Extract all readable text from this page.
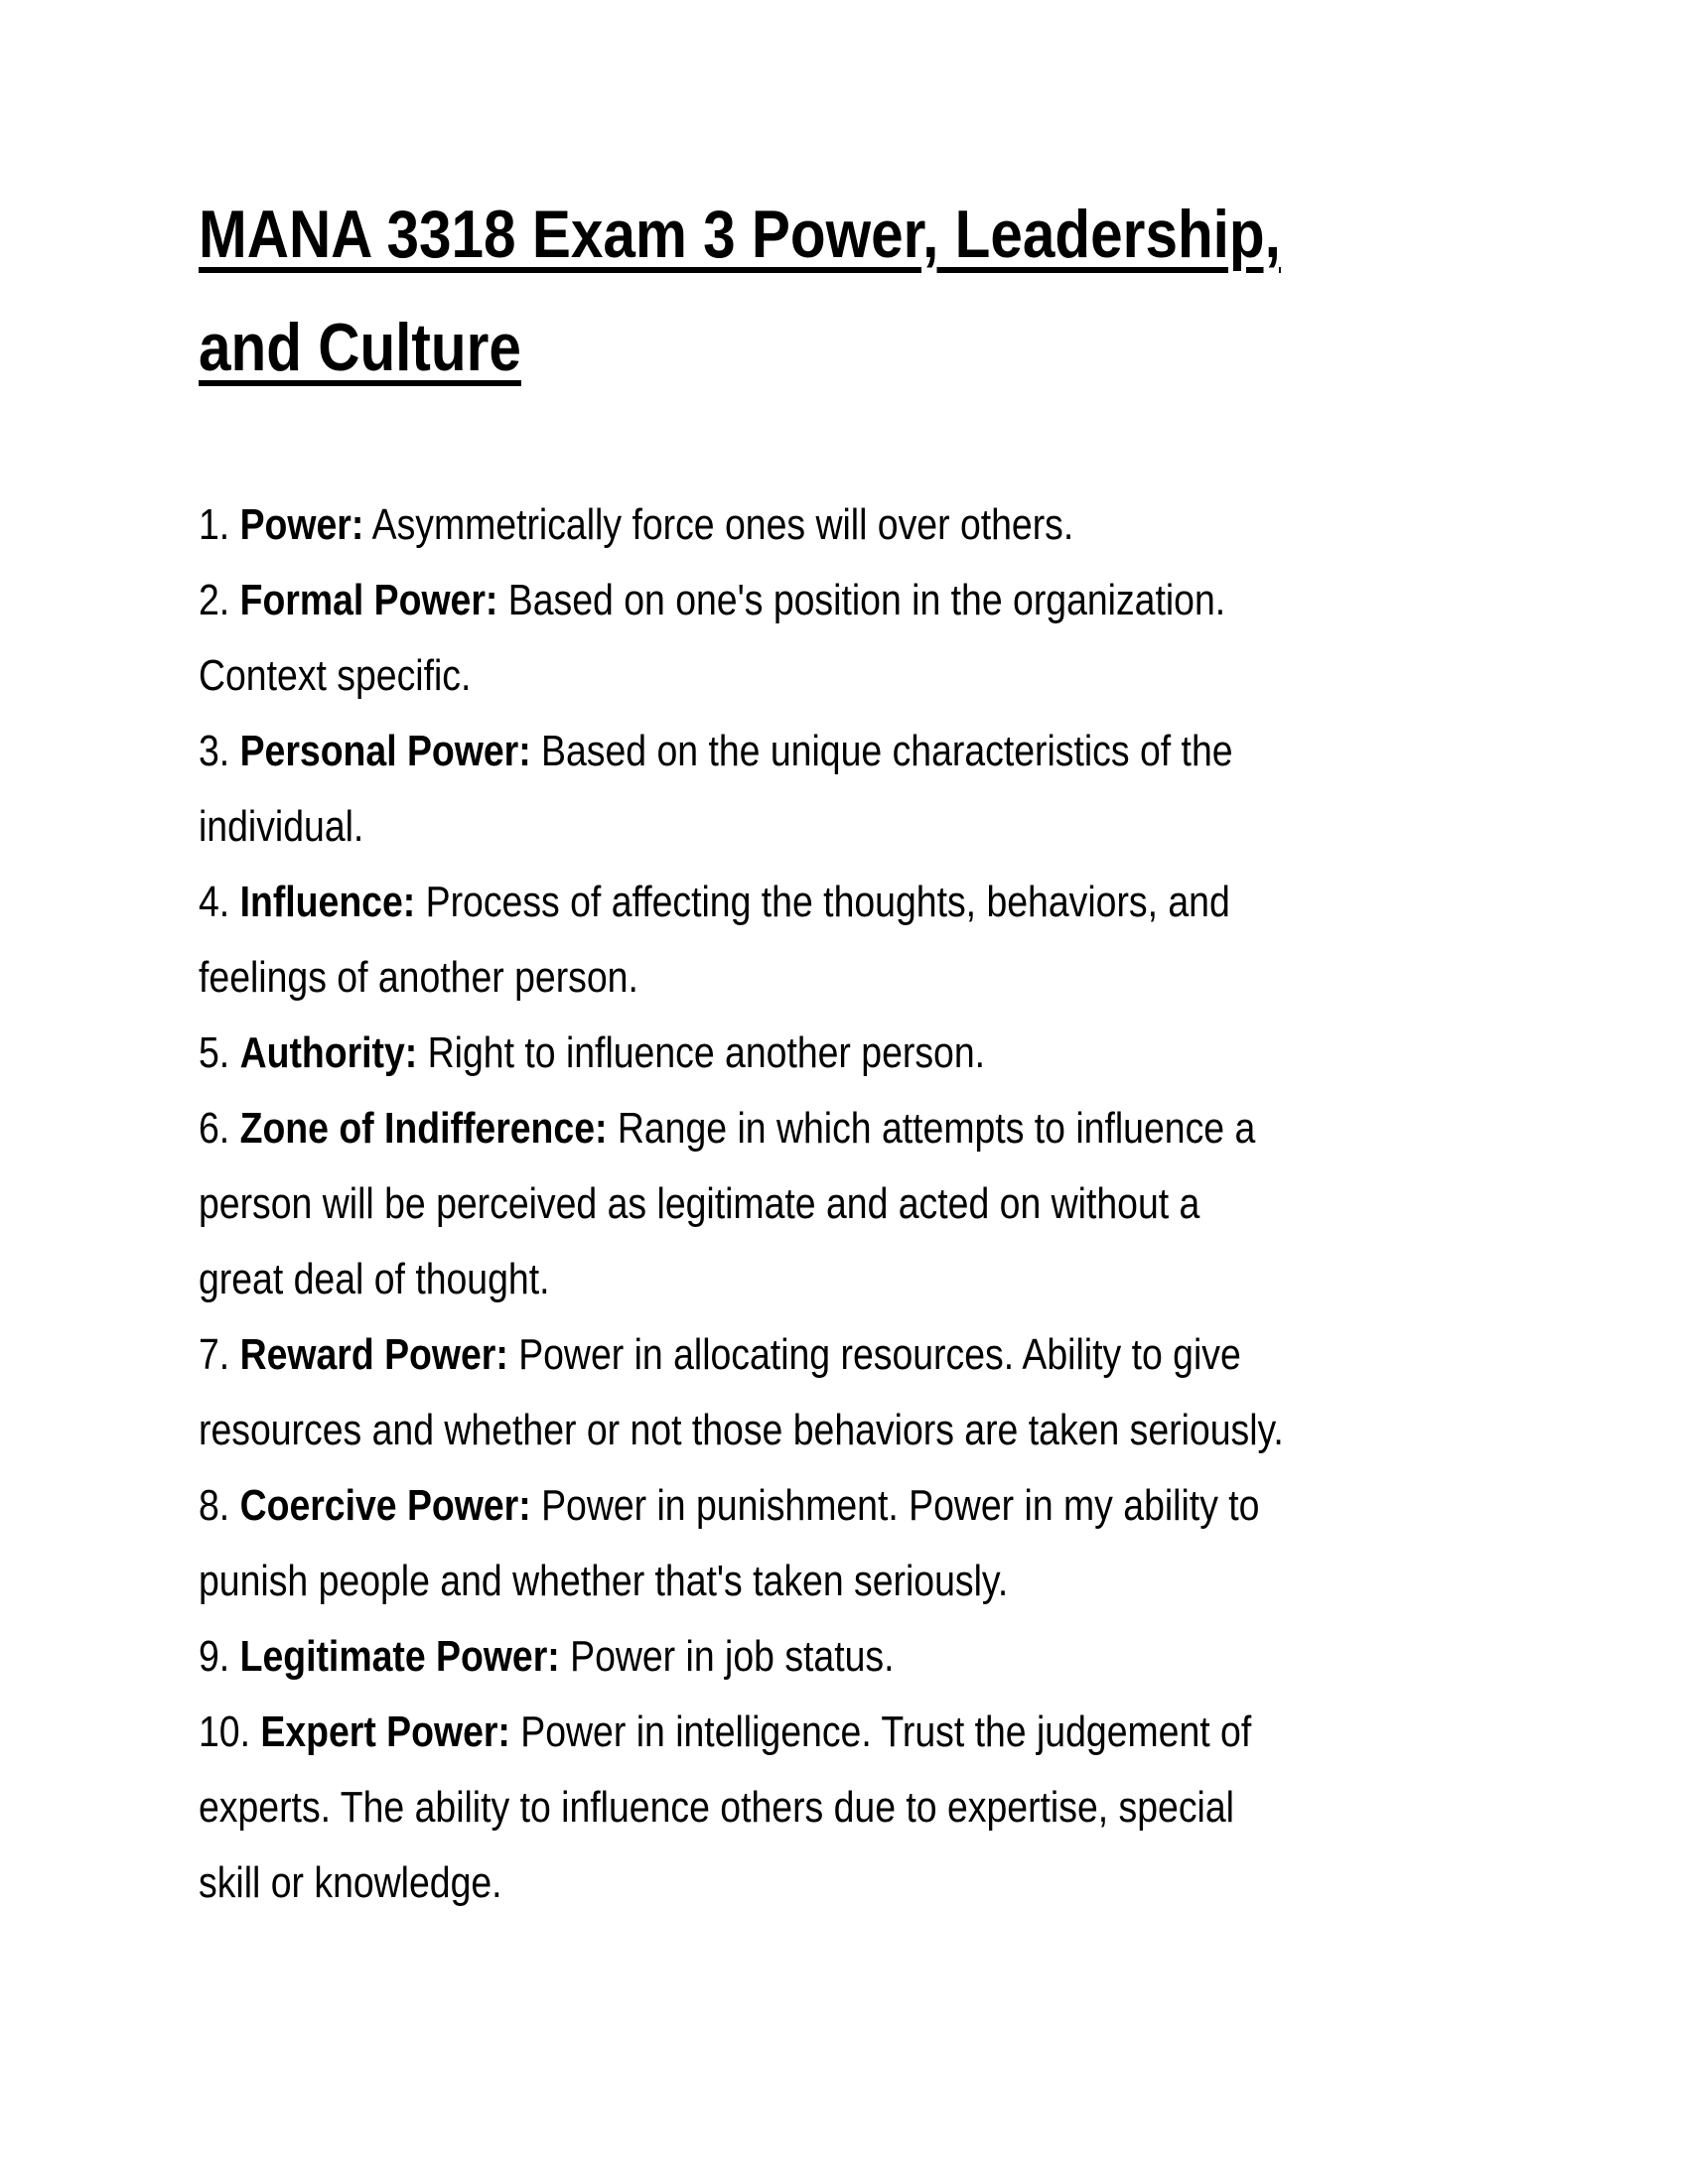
MANA 3318 Exam 3 Power, Leadership,
and Culture
1. Power: Asymmetrically force ones will over others.
2. Formal Power: Based on one's position in the organization.
Context specific.
3. Personal Power: Based on the unique characteristics of the
individual.
4. Influence: Process of affecting the thoughts, behaviors, and
feelings of another person.
5. Authority: Right to influence another person.
6. Zone of Indifference: Range in which attempts to influence a
person will be perceived as legitimate and acted on without a
great deal of thought.
7. Reward Power: Power in allocating resources. Ability to give
resources and whether or not those behaviors are taken seriously.
8. Coercive Power: Power in punishment. Power in my ability to
punish people and whether that's taken seriously.
9. Legitimate Power: Power in job status.
10. Expert Power: Power in intelligence. Trust the judgement of
experts. The ability to influence others due to expertise, special
skill or knowledge.
